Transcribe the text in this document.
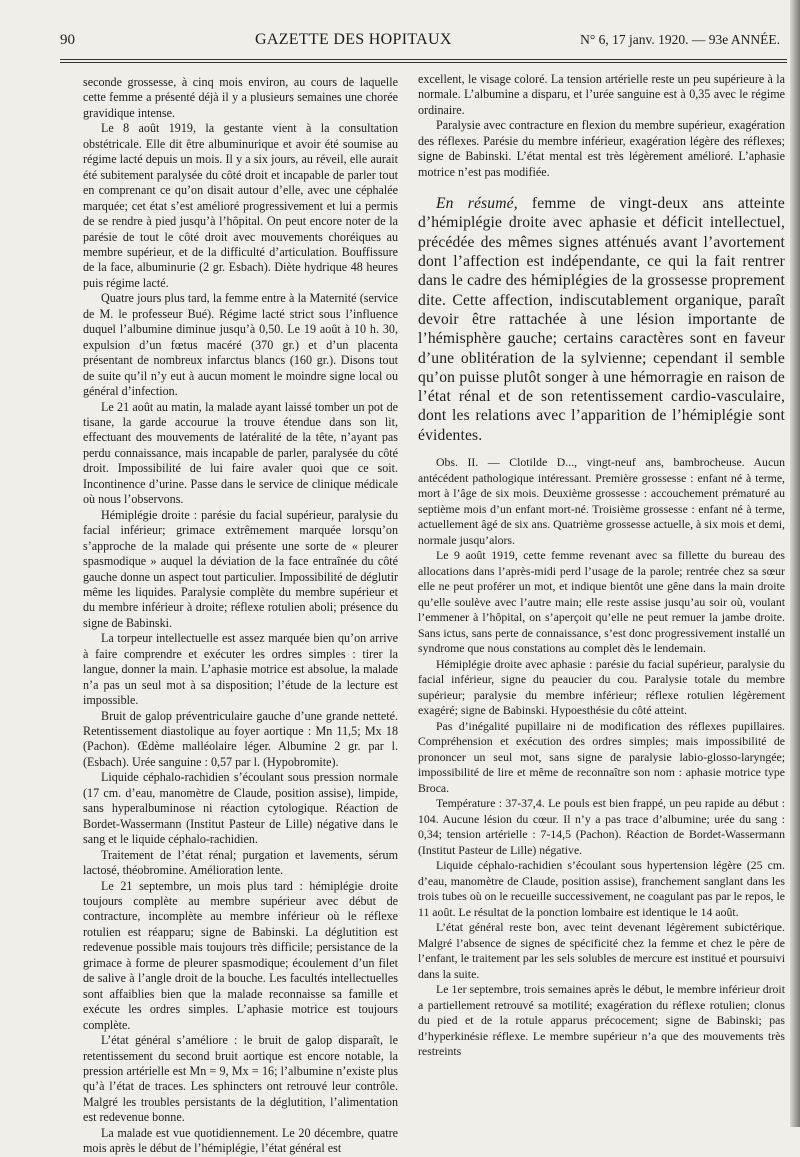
90	GAZETTE DES HOPITAUX	N° 6, 17 janv. 1920. — 93e ANNÉE.

seconde grossesse, à cinq mois environ, au cours de laquelle cette femme a présenté déjà il y a plusieurs semaines une chorée gravidique intense.

Le 8 août 1919, la gestante vient à la consultation obstétricale. Elle dit être albuminurique et avoir été soumise au régime lacté depuis un mois. Il y a six jours, au réveil, elle aurait été subitement paralysée du côté droit et incapable de parler tout en comprenant ce qu’on disait autour d’elle, avec une céphalée marquée; cet état s’est amélioré progressivement et lui a permis de se rendre à pied jusqu’à l’hôpital. On peut encore noter de la parésie de tout le côté droit avec mouvements choréiques au membre supérieur, et de la difficulté d’articulation. Bouffissure de la face, albuminurie (2 gr. Esbach). Diète hydrique 48 heures puis régime lacté.

Quatre jours plus tard, la femme entre à la Maternité (service de M. le professeur Bué). Régime lacté strict sous l’influence duquel l’albumine diminue jusqu’à 0,50. Le 19 août à 10 h. 30, expulsion d’un fœtus macéré (370 gr.) et d’un placenta présentant de nombreux infarctus blancs (160 gr.). Disons tout de suite qu’il n’y eut à aucun moment le moindre signe local ou général d’infection.

Le 21 août au matin, la malade ayant laissé tomber un pot de tisane, la garde accourue la trouve étendue dans son lit, effectuant des mouvements de latéralité de la tête, n’ayant pas perdu connaissance, mais incapable de parler, paralysée du côté droit. Impossibilité de lui faire avaler quoi que ce soit. Incontinence d’urine. Passe dans le service de clinique médicale où nous l’observons.

Hémiplégie droite : parésie du facial supérieur, paralysie du facial inférieur; grimace extrêmement marquée lorsqu’on s’approche de la malade qui présente une sorte de « pleurer spasmodique » auquel la déviation de la face entraînée du côté gauche donne un aspect tout particulier. Impossibilité de déglutir même les liquides. Paralysie complète du membre supérieur et du membre inférieur à droite; réflexe rotulien aboli; présence du signe de Babinski.

La torpeur intellectuelle est assez marquée bien qu’on arrive à faire comprendre et exécuter les ordres simples : tirer la langue, donner la main. L’aphasie motrice est absolue, la malade n’a pas un seul mot à sa disposition; l’étude de la lecture est impossible.

Bruit de galop préventriculaire gauche d’une grande netteté. Retentissement diastolique au foyer aortique : Mn 11,5; Mx 18 (Pachon). Œdème malléolaire léger. Albumine 2 gr. par l. (Esbach). Urée sanguine : 0,57 par l. (Hypobromite).

Liquide céphalo-rachidien s’écoulant sous pression normale (17 cm. d’eau, manomètre de Claude, position assise), limpide, sans hyperalbuminose ni réaction cytologique. Réaction de Bordet-Wassermann (Institut Pasteur de Lille) négative dans le sang et le liquide céphalo-rachidien.

Traitement de l’état rénal; purgation et lavements, sérum lactosé, théobromine. Amélioration lente.

Le 21 septembre, un mois plus tard : hémiplégie droite toujours complète au membre supérieur avec début de contracture, incomplète au membre inférieur où le réflexe rotulien est réapparu; signe de Babinski. La déglutition est redevenue possible mais toujours très difficile; persistance de la grimace à forme de pleurer spasmodique; écoulement d’un filet de salive à l’angle droit de la bouche. Les facultés intellectuelles sont affaiblies bien que la malade reconnaisse sa famille et exécute les ordres simples. L’aphasie motrice est toujours complète.

L’état général s’améliore : le bruit de galop disparaît, le retentissement du second bruit aortique est encore notable, la pression artérielle est Mn = 9, Mx = 16; l’albumine n’existe plus qu’à l’état de traces. Les sphincters ont retrouvé leur contrôle. Malgré les troubles persistants de la déglutition, l’alimentation est redevenue bonne.

La malade est vue quotidiennement. Le 20 décembre, quatre mois après le début de l’hémiplégie, l’état général est

excellent, le visage coloré. La tension artérielle reste un peu supérieure à la normale. L’albumine a disparu, et l’urée sanguine est à 0,35 avec le régime ordinaire.

Paralysie avec contracture en flexion du membre supérieur, exagération des réflexes. Parésie du membre inférieur, exagération légère des réflexes; signe de Babinski. L’état mental est très légèrement amélioré. L’aphasie motrice n’est pas modifiée.

En résumé, femme de vingt-deux ans atteinte d’hémiplégie droite avec aphasie et déficit intellectuel, précédée des mêmes signes atténués avant l’avortement dont l’affection est indépendante, ce qui la fait rentrer dans le cadre des hémiplégies de la grossesse proprement dite. Cette affection, indiscutablement organique, paraît devoir être rattachée à une lésion importante de l’hémisphère gauche; certains caractères sont en faveur d’une oblitération de la sylvienne; cependant il semble qu’on puisse plutôt songer à une hémorragie en raison de l’état rénal et de son retentissement cardio-vasculaire, dont les relations avec l’apparition de l’hémiplégie sont évidentes.

Obs. II. — Clotilde D..., vingt-neuf ans, bambrocheuse. Aucun antécédent pathologique intéressant. Première grossesse : enfant né à terme, mort à l’âge de six mois. Deuxième grossesse : accouchement prématuré au septième mois d’un enfant mort-né. Troisième grossesse : enfant né à terme, actuellement âgé de six ans. Quatrième grossesse actuelle, à six mois et demi, normale jusqu’alors.

Le 9 août 1919, cette femme revenant avec sa fillette du bureau des allocations dans l’après-midi perd l’usage de la parole; rentrée chez sa sœur elle ne peut proférer un mot, et indique bientôt une gêne dans la main droite qu’elle soulève avec l’autre main; elle reste assise jusqu’au soir où, voulant l’emmener à l’hôpital, on s’aperçoit qu’elle ne peut remuer la jambe droite. Sans ictus, sans perte de connaissance, s’est donc progressivement installé un syndrome que nous constations au complet dès le lendemain.

Hémiplégie droite avec aphasie : parésie du facial supérieur, paralysie du facial inférieur, signe du peaucier du cou. Paralysie totale du membre supérieur; paralysie du membre inférieur; réflexe rotulien légèrement exagéré; signe de Babinski. Hypoesthésie du côté atteint.

Pas d’inégalité pupillaire ni de modification des réflexes pupillaires. Compréhension et exécution des ordres simples; mais impossibilité de prononcer un seul mot, sans signe de paralysie labio-glosso-laryngée; impossibilité de lire et même de reconnaître son nom : aphasie motrice type Broca.

Température : 37-37,4. Le pouls est bien frappé, un peu rapide au début : 104. Aucune lésion du cœur. Il n’y a pas trace d’albumine; urée du sang : 0,34; tension artérielle : 7-14,5 (Pachon). Réaction de Bordet-Wassermann (Institut Pasteur de Lille) négative.

Liquide céphalo-rachidien s’écoulant sous hypertension légère (25 cm. d’eau, manomètre de Claude, position assise), franchement sanglant dans les trois tubes où on le recueille successivement, ne coagulant pas par le repos, le 11 août. Le résultat de la ponction lombaire est identique le 14 août.

L’état général reste bon, avec teint devenant légèrement subictérique. Malgré l’absence de signes de spécificité chez la femme et chez le père de l’enfant, le traitement par les sels solubles de mercure est institué et poursuivi dans la suite.

Le 1er septembre, trois semaines après le début, le membre inférieur droit a partiellement retrouvé sa motilité; exagération du réflexe rotulien; clonus du pied et de la rotule apparus précocement; signe de Babinski; pas d’hyperkinésie réflexe. Le membre supérieur n’a que des mouvements très restreints
